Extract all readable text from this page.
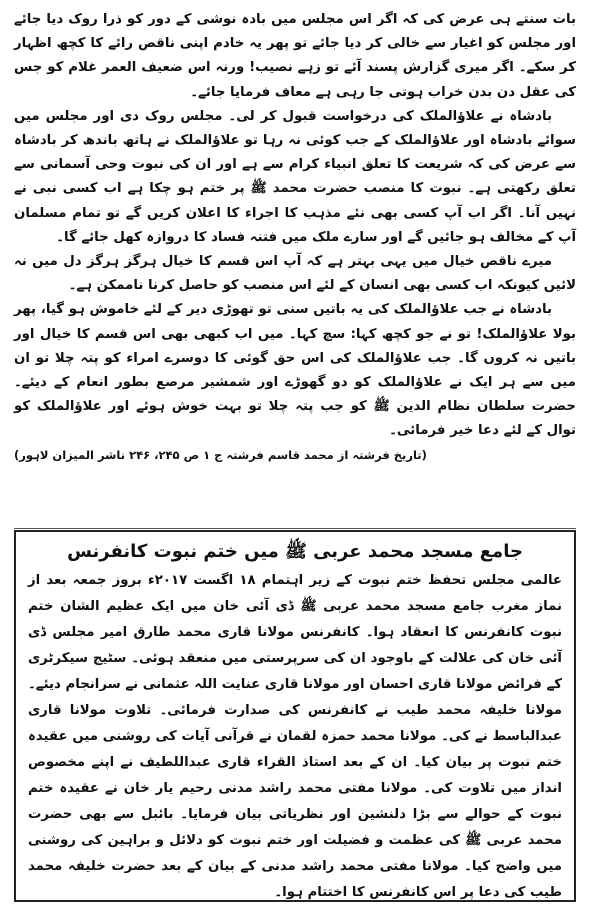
بات سنتے ہی عرض کی کہ اگر اس مجلس میں بادہ نوشی کے دور کو ذرا روک دیا جائے اور مجلس کو اغیار سے خالی کر دیا جائے تو پھر یہ خادم اپنی ناقص رائے کا کچھ اظہار کر سکے۔ اگر میری گزارش پسند آئے تو زہے نصیب! ورنہ اس ضعیف العمر غلام کو جس کی عقل دن بدن خراب ہوتی جا رہی ہے معاف فرمایا جائے۔

بادشاہ نے علاؤالملک کی درخواست قبول کر لی۔ مجلس روک دی اور مجلس میں سوائے بادشاہ اور علاؤالملک کے جب کوئی نہ رہا تو علاؤالملک نے ہاتھ باندھ کر بادشاہ سے عرض کی کہ شریعت کا تعلق انبیاء کرام سے ہے اور ان کی نبوت وحی آسمانی سے تعلق رکھتی ہے۔ نبوت کا منصب حضرت محمد ﷺ پر ختم ہو چکا ہے اب کسی نبی نے نہیں آنا۔ اگر اب آپ کسی بھی نئے مذہب کا اجراء کا اعلان کریں گے تو تمام مسلمان آپ کے مخالف ہو جائیں گے اور سارے ملک میں فتنہ فساد کا دروازہ کھل جائے گا۔

میرے ناقص خیال میں یہی بہتر ہے کہ آپ اس قسم کا خیال ہرگز ہرگز دل میں نہ لائیں کیونکہ اب کسی بھی انسان کے لئے اس منصب کو حاصل کرنا ناممکن ہے۔

بادشاہ نے جب علاؤالملک کی یہ باتیں سنی تو تھوڑی دیر کے لئے خاموش ہو گیا، پھر بولا علاؤالملک! تو نے جو کچھ کہا: سچ کہا۔ میں اب کبھی بھی اس قسم کا خیال اور باتیں نہ کروں گا۔ جب علاؤالملک کی اس حق گوئی کا دوسرے امراء کو پتہ چلا تو ان میں سے ہر ایک نے علاؤالملک کو دو گھوڑے اور شمشیر مرصع بطور انعام کے دیئے۔ حضرت سلطان نظام الدین ﷺ کو جب پتہ چلا تو بہت خوش ہوئے اور علاؤالملک کو توال کے لئے دعا خیر فرمائی۔

(تاریخ فرشتہ از محمد قاسم فرشتہ ج ۱ ص ۲۴۵، ۲۴۶ ناشر المیزان لاہور)

جامع مسجد محمد عربی ﷺ میں ختم نبوت کانفرنس

عالمی مجلس تحفظ ختم نبوت کے زیر اہتمام ۱۸ اگست ۲۰۱۷ء بروز جمعہ بعد از نماز مغرب جامع مسجد محمد عربی ﷺ ڈی آئی خان میں ایک عظیم الشان ختم نبوت کانفرنس کا انعقاد ہوا۔ کانفرنس مولانا قاری محمد طارق امیر مجلس ڈی آئی خان کی علالت کے باوجود ان کی سرپرستی میں منعقد ہوئی۔ سٹیج سیکرٹری کے فرائض مولانا قاری احسان اور مولانا قاری عنایت اللہ عثمانی نے سرانجام دیئے۔ مولانا خلیفہ محمد طیب نے کانفرنس کی صدارت فرمائی۔ تلاوت مولانا قاری عبدالباسط نے کی۔ مولانا محمد حمزہ لقمان نے قرآنی آیات کی روشنی میں عقیدہ ختم نبوت پر بیان کیا۔ ان کے بعد استاذ القراء قاری عبداللطیف نے اپنے مخصوص انداز میں تلاوت کی۔ مولانا مفتی محمد راشد مدنی رحیم یار خان نے عقیدہ ختم نبوت کے حوالے سے بڑا دلنشین اور نظریاتی بیان فرمایا۔ بائبل سے بھی حضرت محمد عربی ﷺ کی عظمت و فضیلت اور ختم نبوت کو دلائل و براہین کی روشنی میں واضح کیا۔ مولانا مفتی محمد راشد مدنی کے بیان کے بعد حضرت خلیفہ محمد طیب کی دعا پر اس کانفرنس کا اختتام ہوا۔
